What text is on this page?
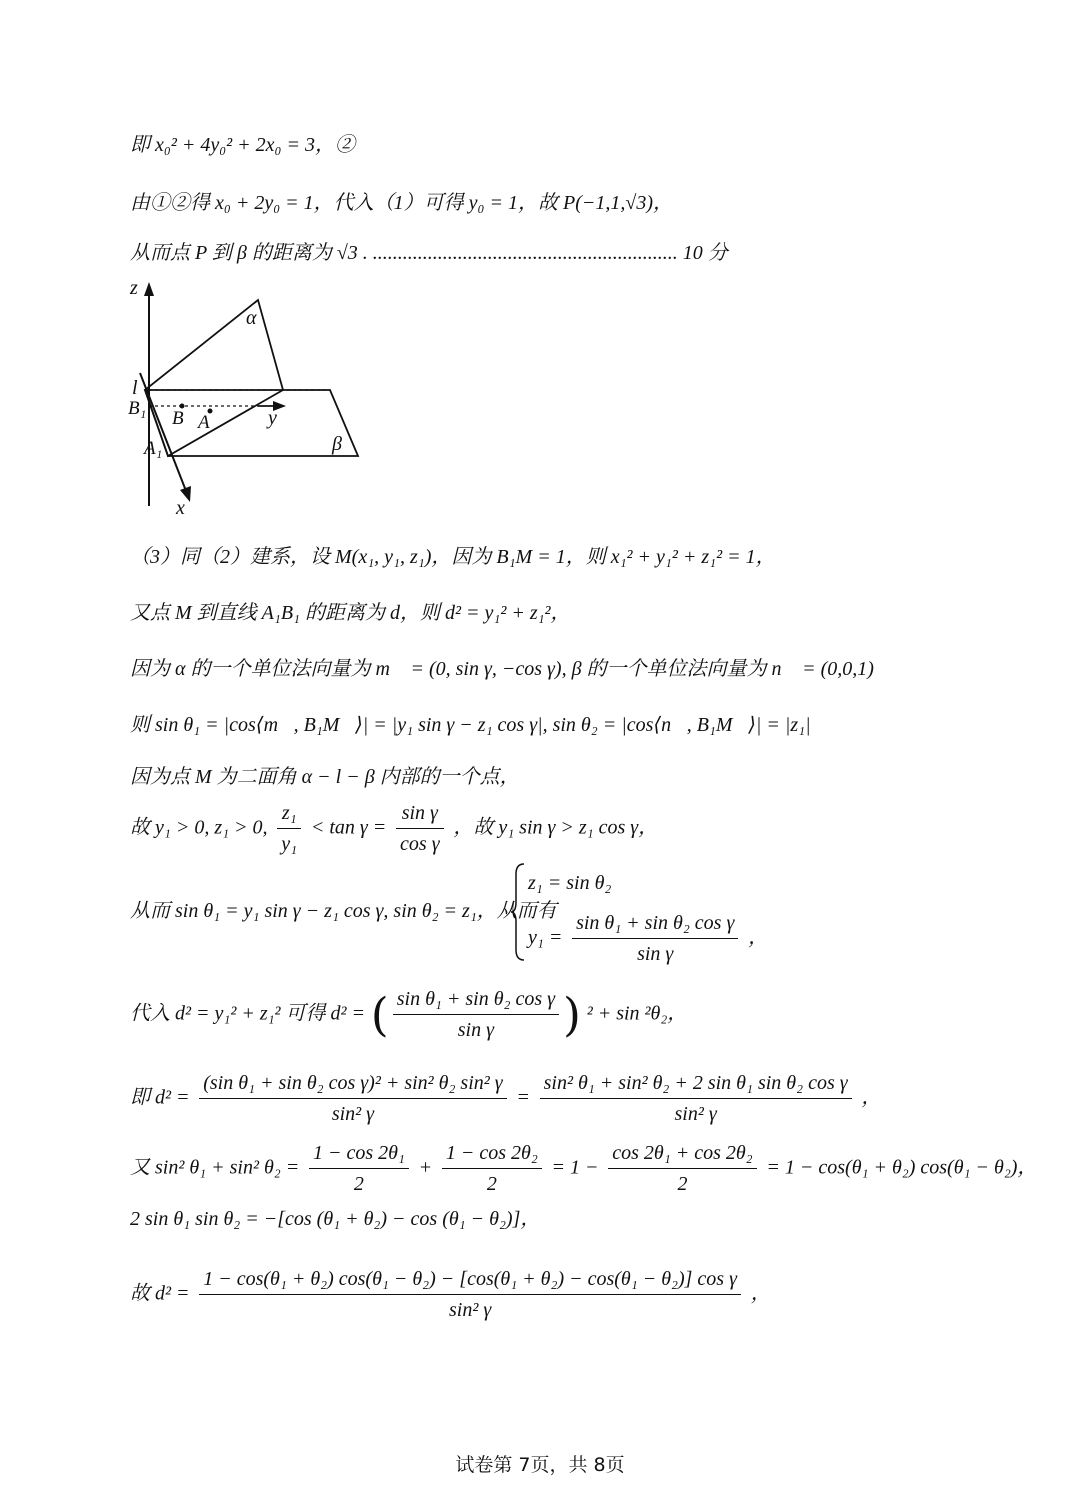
即 x₀² + 4y₀² + 2x₀ = 3，②
由①②得 x₀ + 2y₀ = 1，代入（1）可得 y₀ = 1，故 P(−1,1,√3)，
从而点 P 到 β 的距离为 √3 . ............................................................. 10 分
z
l
B₁ B A	y
A₁
x
α
β
（3）同（2）建系，设 M(x₁, y₁, z₁)，因为 B₁M = 1，则 x₁² + y₁² + z₁² = 1，
又点 M 到直线 A₁B₁ 的距离为 d，则 d² = y₁² + z₁²，
因为 α 的一个单位法向量为 m⃗ = (0, sin γ, −cos γ), β 的一个单位法向量为 n⃗ = (0,0,1)，
则 sin θ₁ = |cos⟨m⃗, B₁M⃗⟩| = |y₁ sin γ − z₁ cos γ|, sin θ₂ = |cos⟨n⃗, B₁M⃗⟩| = |z₁|，
因为点 M 为二面角 α − l − β 内部的一个点，
故 y₁ > 0, z₁ > 0, $\frac{\text{z₁}}{\text{y₁}} < \tan \gamma = \frac{\text{sin γ}}{\text{cos γ}}$ ，故 y₁ sin γ > z₁ cos γ，
从而 sin θ₁ = y₁ sin γ − z₁ cos γ, sin θ₂ = z₁，从而有
z₁ = sin θ₂
$y_1 = \frac{\text{sin θ₁ + sin θ₂ cos γ}}{\text{sin γ}}$ ，
代入 d² = y₁² + z₁² 可得 d² = ( $\frac{\text{sin θ₁ + sin θ₂ cos γ}}{\text{sin γ}}$ ) ² + sin ²θ₂，
即 $d^2 = \frac{\text{(sin θ₁ + sin θ₂ cos γ)² + sin² θ₂ sin² γ}}{\text{sin² γ}} = \frac{\text{sin² θ₁ + sin² θ₂ + 2 sin θ₁ sin θ₂ cos γ}}{\text{sin² γ}}$ ，
又 sin² θ₁ + sin² $\theta_2 = \frac{\text{1 − cos 2θ₁}}{2} + \frac{\text{1 − cos 2θ₂}}{2} = 1 - \frac{\text{cos 2θ₁ + cos 2θ₂}}{2} = 1 - \cos(\theta_1 + \theta_2) \cos(\theta_1 - \theta_2)$，
2 sin θ₁ sin θ₂ = −[cos (θ₁ + θ₂) − cos (θ₁ − θ₂)]，
故 d² =
1 − cos(θ₁ + θ₂) cos(θ₁ − θ₂) − [cos(θ₁ + θ₂) − cos(θ₁ − θ₂)] cos γ
sin² γ
，
试卷第 7页，共 8页
